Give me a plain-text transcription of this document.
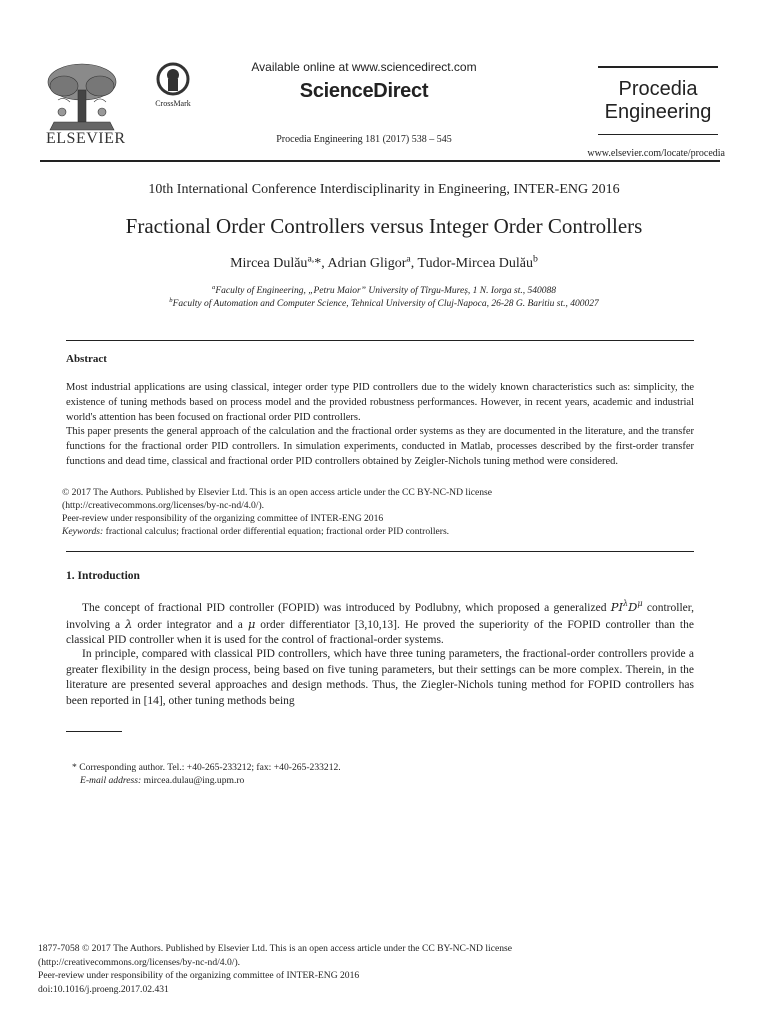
ELSEVIER
CrossMark
Available online at www.sciencedirect.com
ScienceDirect
Procedia Engineering 181 (2017) 538 – 545
Procedia
Engineering
www.elsevier.com/locate/procedia
10th International Conference Interdisciplinarity in Engineering, INTER-ENG 2016
Fractional Order Controllers versus Integer Order Controllers
Mircea Dulău$^{a,}$*, Adrian Gligor$^a$, Tudor-Mircea Dulău$^b$
$^a$Faculty of Engineering, „Petru Maior” University of Tîrgu-Mureș, 1 N. Iorga st., 540088
$^b$Faculty of Automation and Computer Science, Tehnical University of Cluj-Napoca, 26-28 G. Baritiu st., 400027
Abstract
Most industrial applications are using classical, integer order type PID controllers due to the widely known characteristics such as: simplicity, the existence of tuning methods based on process model and the provided robustness performances. However, in recent years, academic and industrial world's attention has been focused on fractional order PID controllers.
This paper presents the general approach of the calculation and the fractional order systems as they are documented in the literature, and the transfer functions for the fractional order PID controllers. In simulation experiments, conducted in Matlab, processes described by the first-order transfer functions and dead time, classical and fractional order PID controllers obtained by Zeigler-Nichols tuning method were considered.
© 2017 The Authors. Published by Elsevier Ltd. This is an open access article under the CC BY-NC-ND license
(http://creativecommons.org/licenses/by-nc-nd/4.0/).
Peer-review under responsibility of the organizing committee of INTER-ENG 2016
Keywords: fractional calculus; fractional order differential equation; fractional order PID controllers.
1. Introduction
The concept of fractional PID controller (FOPID) was introduced by Podlubny, which proposed a generalized $PI^\lambda D^\mu$ controller, involving a λ order integrator and a μ order differentiator [3,10,13]. He proved the superiority of the FOPID controller than the classical PID controller when it is used for the control of fractional-order systems.
In principle, compared with classical PID controllers, which have three tuning parameters, the fractional-order controllers provide a greater flexibility in the design process, being based on five tuning parameters, but their settings can be more complex. Therein, in the literature are presented several approaches and design methods. Thus, the Ziegler-Nichols tuning method for FOPID controllers has been reported in [14], other tuning methods being
* Corresponding author. Tel.: +40-265-233212; fax: +40-265-233212.
E-mail address: mircea.dulau@ing.upm.ro
1877-7058 © 2017 The Authors. Published by Elsevier Ltd. This is an open access article under the CC BY-NC-ND license
(http://creativecommons.org/licenses/by-nc-nd/4.0/).
Peer-review under responsibility of the organizing committee of INTER-ENG 2016
doi:10.1016/j.proeng.2017.02.431
